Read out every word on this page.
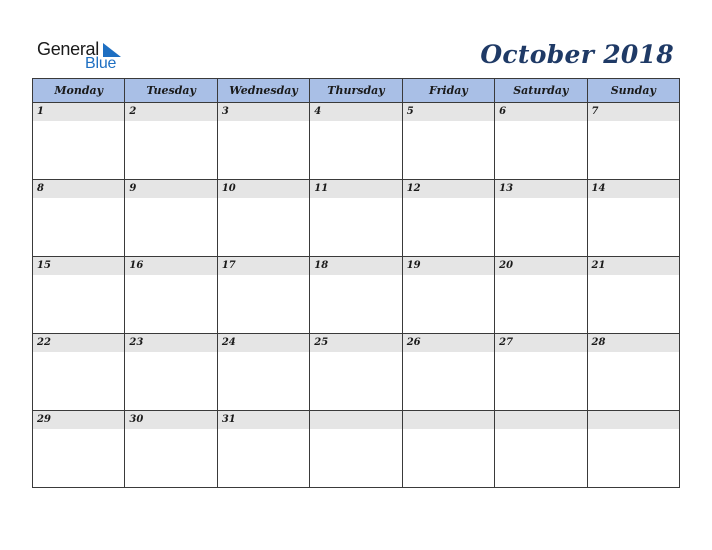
General
Blue	October 2018
Monday	Tuesday	Wednesday	Thursday	Friday	Saturday	Sunday

1	2	3	4	5	6	7

8	9	10	11	12	13	14

15	16	17	18	19	20	21

22	23	24	25	26	27	28

29	30	31				
